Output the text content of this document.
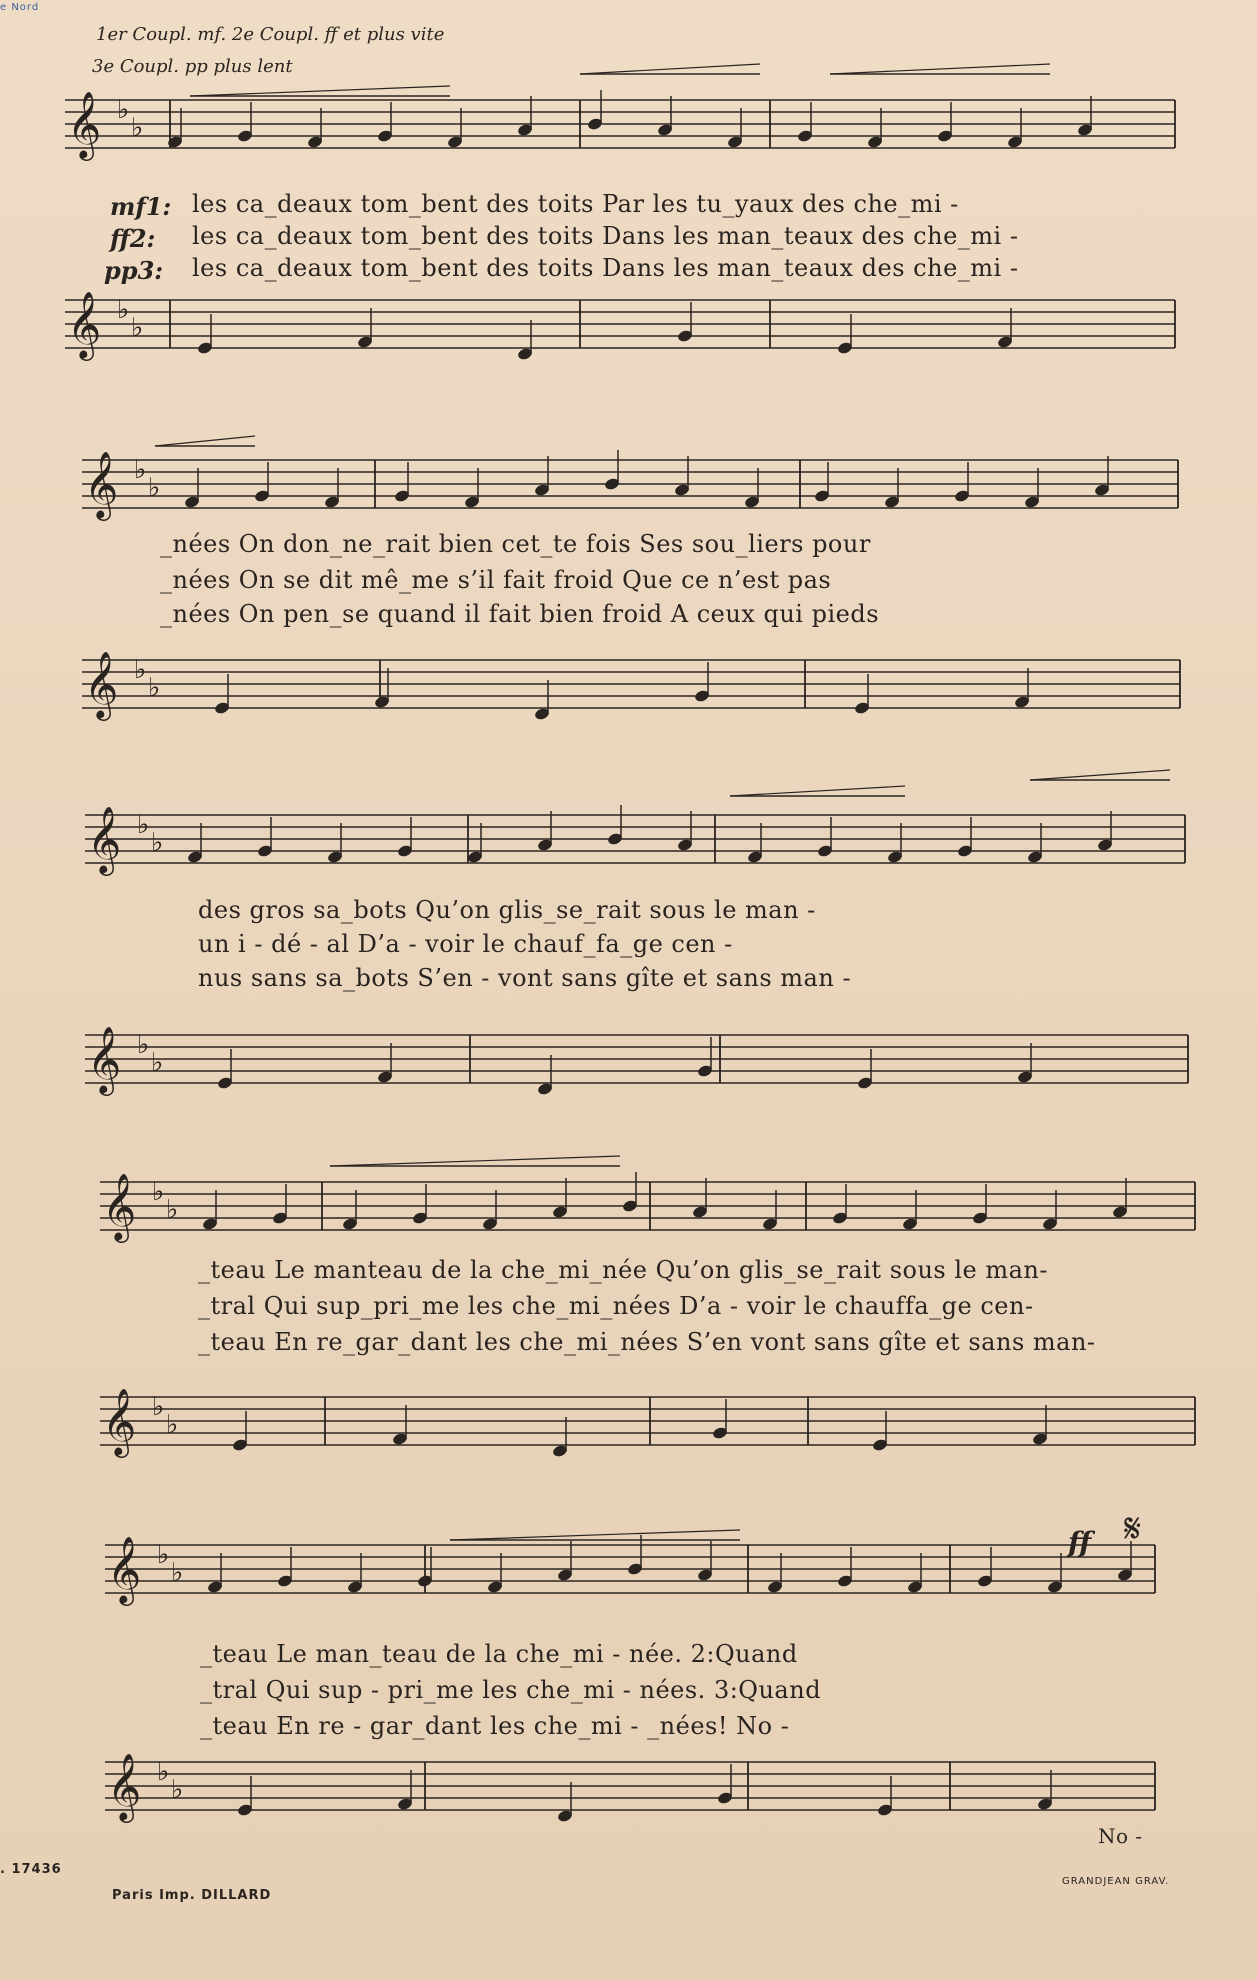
𝄞 ♭
♭
𝄞 ♭
♭
𝄞 ♭
♭
𝄞 ♭
♭
𝄞 ♭
♭
𝄞 ♭
♭
𝄞 ♭
♭
𝄞 ♭
♭
𝄞 ♭
♭
𝄞 ♭
♭
e Nord
1er Coupl. mf. 2e Coupl. ff et plus vite
3e Coupl. pp plus lent
mf1:
ff2:
pp3:
les ca_deaux tom_bent des toits Par les tu_yaux des che_mi -
les ca_deaux tom_bent des toits Dans les man_teaux des che_mi -
les ca_deaux tom_bent des toits Dans les man_teaux des che_mi -
_nées On don_ne_rait bien cet_te fois Ses sou_liers pour
_nées On se dit mê_me s’il fait froid Que ce n’est pas
_nées On pen_se quand il fait bien froid A ceux qui pieds
des gros sa_bots Qu’on glis_se_rait sous le man -
un i - dé - al D’a - voir le chauf_fa_ge cen -
nus sans sa_bots S’en - vont sans gîte et sans man -
_teau Le manteau de la che_mi_née Qu’on glis_se_rait sous le man-
_tral Qui sup_pri_me les che_mi_nées D’a - voir le chauffa_ge cen-
_teau En re_gar_dant les che_mi_nées S’en vont sans gîte et sans man-
ff 𝄋
_teau Le man_teau de la che_mi - née. 2:Quand
_tral Qui sup - pri_me les che_mi - nées. 3:Quand
_teau En re - gar_dant les che_mi - _nées! No -
No -
. 17436
Paris Imp. DILLARD
GRANDJEAN GRAV.
